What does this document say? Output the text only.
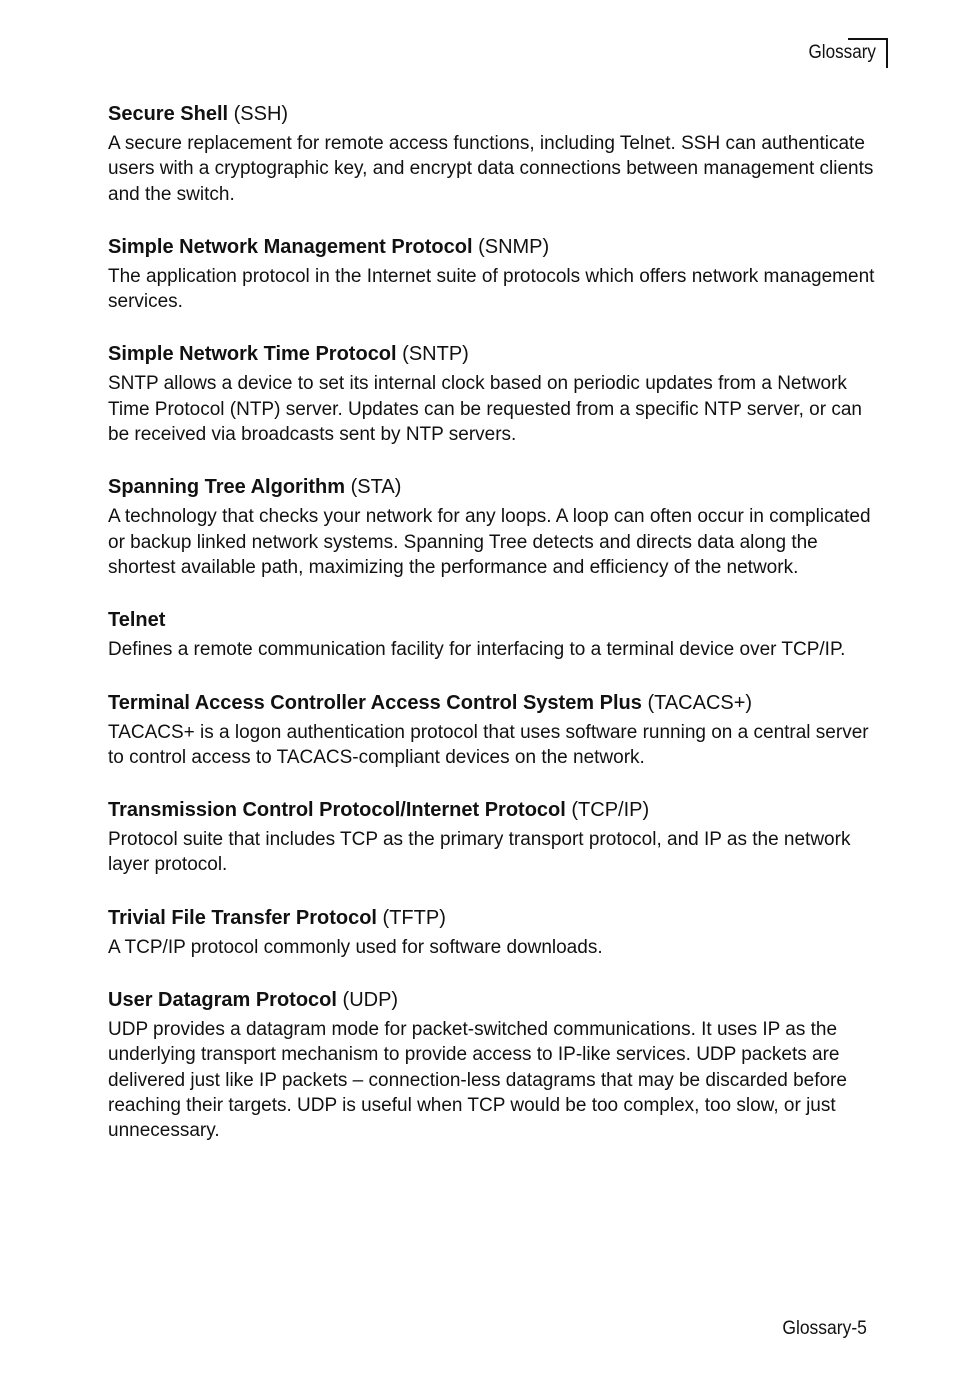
Glossary

Secure Shell (SSH)

A secure replacement for remote access functions, including Telnet. SSH can authenticate users with a cryptographic key, and encrypt data connections between management clients and the switch.

Simple Network Management Protocol (SNMP)

The application protocol in the Internet suite of protocols which offers network management services.

Simple Network Time Protocol (SNTP)

SNTP allows a device to set its internal clock based on periodic updates from a Network Time Protocol (NTP) server. Updates can be requested from a specific NTP server, or can be received via broadcasts sent by NTP servers.

Spanning Tree Algorithm (STA)

A technology that checks your network for any loops. A loop can often occur in complicated or backup linked network systems. Spanning Tree detects and directs data along the shortest available path, maximizing the performance and efficiency of the network.

Telnet

Defines a remote communication facility for interfacing to a terminal device over TCP/IP.

Terminal Access Controller Access Control System Plus (TACACS+)

TACACS+ is a logon authentication protocol that uses software running on a central server to control access to TACACS-compliant devices on the network.

Transmission Control Protocol/Internet Protocol (TCP/IP)

Protocol suite that includes TCP as the primary transport protocol, and IP as the network layer protocol.

Trivial File Transfer Protocol (TFTP)

A TCP/IP protocol commonly used for software downloads.

User Datagram Protocol (UDP)

UDP provides a datagram mode for packet-switched communications. It uses IP as the underlying transport mechanism to provide access to IP-like services. UDP packets are delivered just like IP packets – connection-less datagrams that may be discarded before reaching their targets. UDP is useful when TCP would be too complex, too slow, or just unnecessary.

Glossary-5
